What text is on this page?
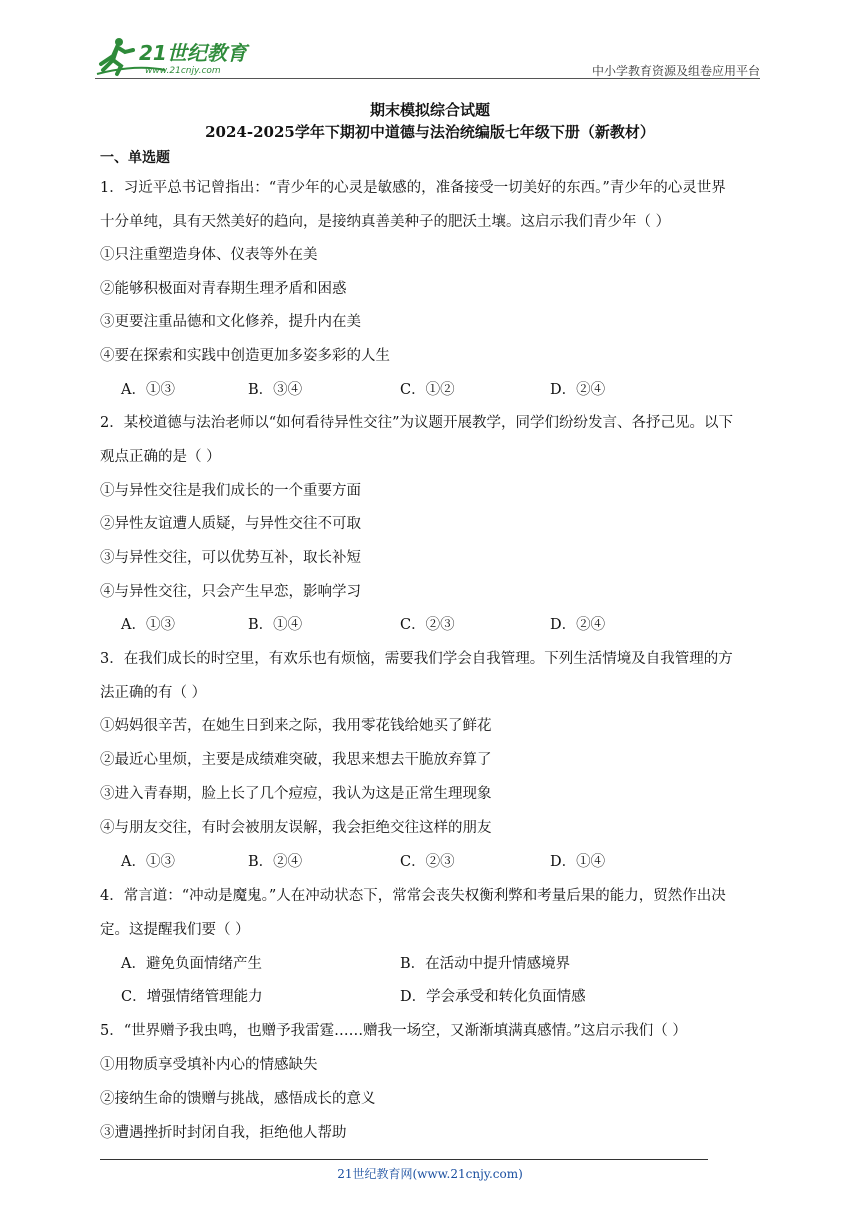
21世纪教育
www.21cnjy.com	中小学教育资源及组卷应用平台
期末模拟综合试题
2024-2025学年下期初中道德与法治统编版七年级下册（新教材）
一、单选题
1．习近平总书记曾指出：“青少年的心灵是敏感的，准备接受一切美好的东西。”青少年的心灵世界
十分单纯，具有天然美好的趋向，是接纳真善美种子的肥沃土壤。这启示我们青少年（ ）
①只注重塑造身体、仪表等外在美
②能够积极面对青春期生理矛盾和困惑
③更要注重品德和文化修养，提升内在美
④要在探索和实践中创造更加多姿多彩的人生
A．①③	B．③④	C．①②	D．②④
2．某校道德与法治老师以“如何看待异性交往”为议题开展教学，同学们纷纷发言、各抒己见。以下
观点正确的是（ ）
①与异性交往是我们成长的一个重要方面
②异性友谊遭人质疑，与异性交往不可取
③与异性交往，可以优势互补，取长补短
④与异性交往，只会产生早恋，影响学习
A．①③	B．①④	C．②③	D．②④
3．在我们成长的时空里，有欢乐也有烦恼，需要我们学会自我管理。下列生活情境及自我管理的方
法正确的有（ ）
①妈妈很辛苦，在她生日到来之际，我用零花钱给她买了鲜花
②最近心里烦，主要是成绩难突破，我思来想去干脆放弃算了
③进入青春期，脸上长了几个痘痘，我认为这是正常生理现象
④与朋友交往，有时会被朋友误解，我会拒绝交往这样的朋友
A．①③	B．②④	C．②③	D．①④
4．常言道：“冲动是魔鬼。”人在冲动状态下，常常会丧失权衡利弊和考量后果的能力，贸然作出决
定。这提醒我们要（ ）
A．避免负面情绪产生	B．在活动中提升情感境界
C．增强情绪管理能力	D．学会承受和转化负面情感
5．“世界赠予我虫鸣，也赠予我雷霆……赠我一场空，又渐渐填满真感情。”这启示我们（ ）
①用物质享受填补内心的情感缺失
②接纳生命的馈赠与挑战，感悟成长的意义
③遭遇挫折时封闭自我，拒绝他人帮助
21世纪教育网(www.21cnjy.com)
